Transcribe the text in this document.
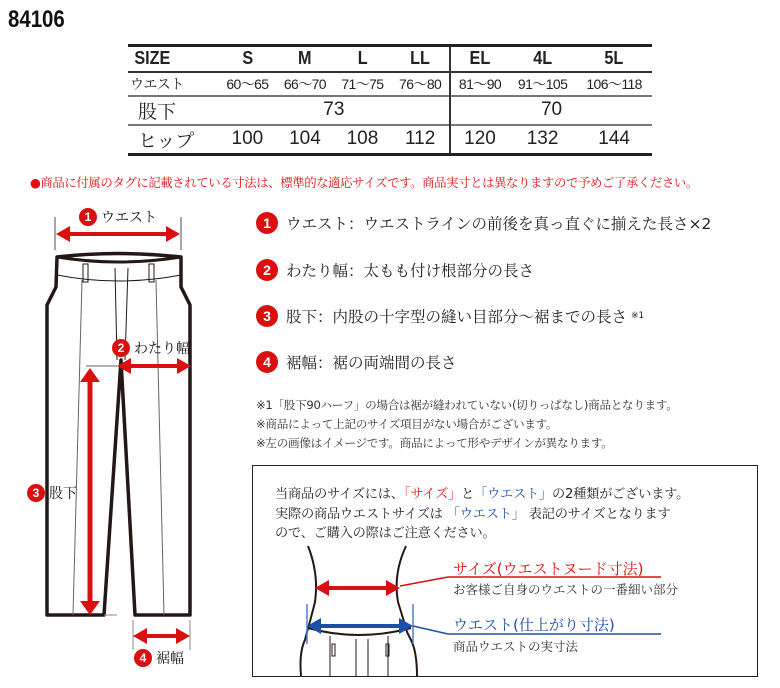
84106
SIZE	S	M	L	LL	EL	4L	5L
ウエスト	60～65	66～70	71～75	76～80	81～90	91～105	106～118
股下	73				70		
ヒップ	100	104	108	112	120	132	144
●商品に付属のタグに記載されている寸法は、標準的な適応サイズです。商品実寸とは異なりますので予めご了承ください。
1 ウエスト
2 わたり幅
3 股下
4 裾幅
1 ウエスト：ウエストラインの前後を真っ直ぐに揃えた長さ×2
2 わたり幅：太もも付け根部分の長さ
3 股下：内股の十字型の縫い目部分～裾までの長さ ※1
4 裾幅：裾の両端間の長さ
※1「股下90ハーフ」の場合は裾が縫われていない(切りっぱなし)商品となります。
※商品によって上記のサイズ項目がない場合がございます。
※左の画像はイメージです。商品によって形やデザインが異なります。
当商品のサイズには、「サイズ」と「ウエスト」の2種類がございます。
実際の商品ウエストサイズは 「ウエスト」 表記のサイズとなります
ので、ご購入の際はご注意ください。
サイズ(ウエストヌード寸法)
お客様ご自身のウエストの一番細い部分
ウエスト(仕上がり寸法)
商品ウエストの実寸法
